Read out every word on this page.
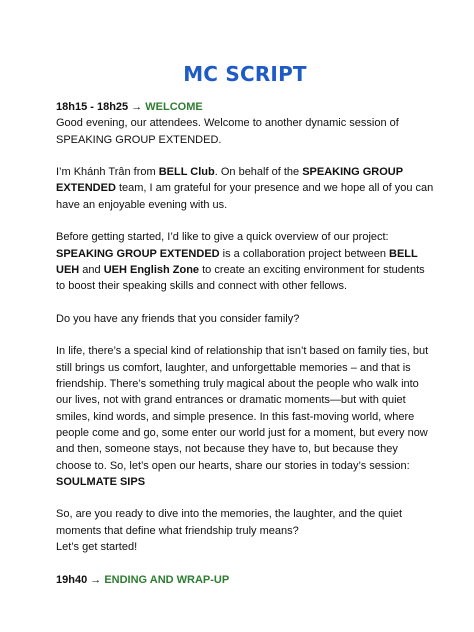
MC SCRIPT

18h15 - 18h25 → WELCOME

Good evening, our attendees. Welcome to another dynamic session of SPEAKING GROUP EXTENDED.

I’m Khánh Trân from BELL Club. On behalf of the SPEAKING GROUP EXTENDED team, I am grateful for your presence and we hope all of you can have an enjoyable evening with us.

Before getting started, I’d like to give a quick overview of our project: SPEAKING GROUP EXTENDED is a collaboration project between BELL UEH and UEH English Zone to create an exciting environment for students to boost their speaking skills and connect with other fellows.

Do you have any friends that you consider family?

In life, there’s a special kind of relationship that isn’t based on family ties, but still brings us comfort, laughter, and unforgettable memories – and that is friendship. There’s something truly magical about the people who walk into our lives, not with grand entrances or dramatic moments—but with quiet smiles, kind words, and simple presence. In this fast-moving world, where people come and go, some enter our world just for a moment, but every now and then, someone stays, not because they have to, but because they choose to. So, let’s open our hearts, share our stories in today’s session: SOULMATE SIPS

So, are you ready to dive into the memories, the laughter, and the quiet moments that define what friendship truly means?

Let’s get started!

19h40 → ENDING AND WRAP-UP
